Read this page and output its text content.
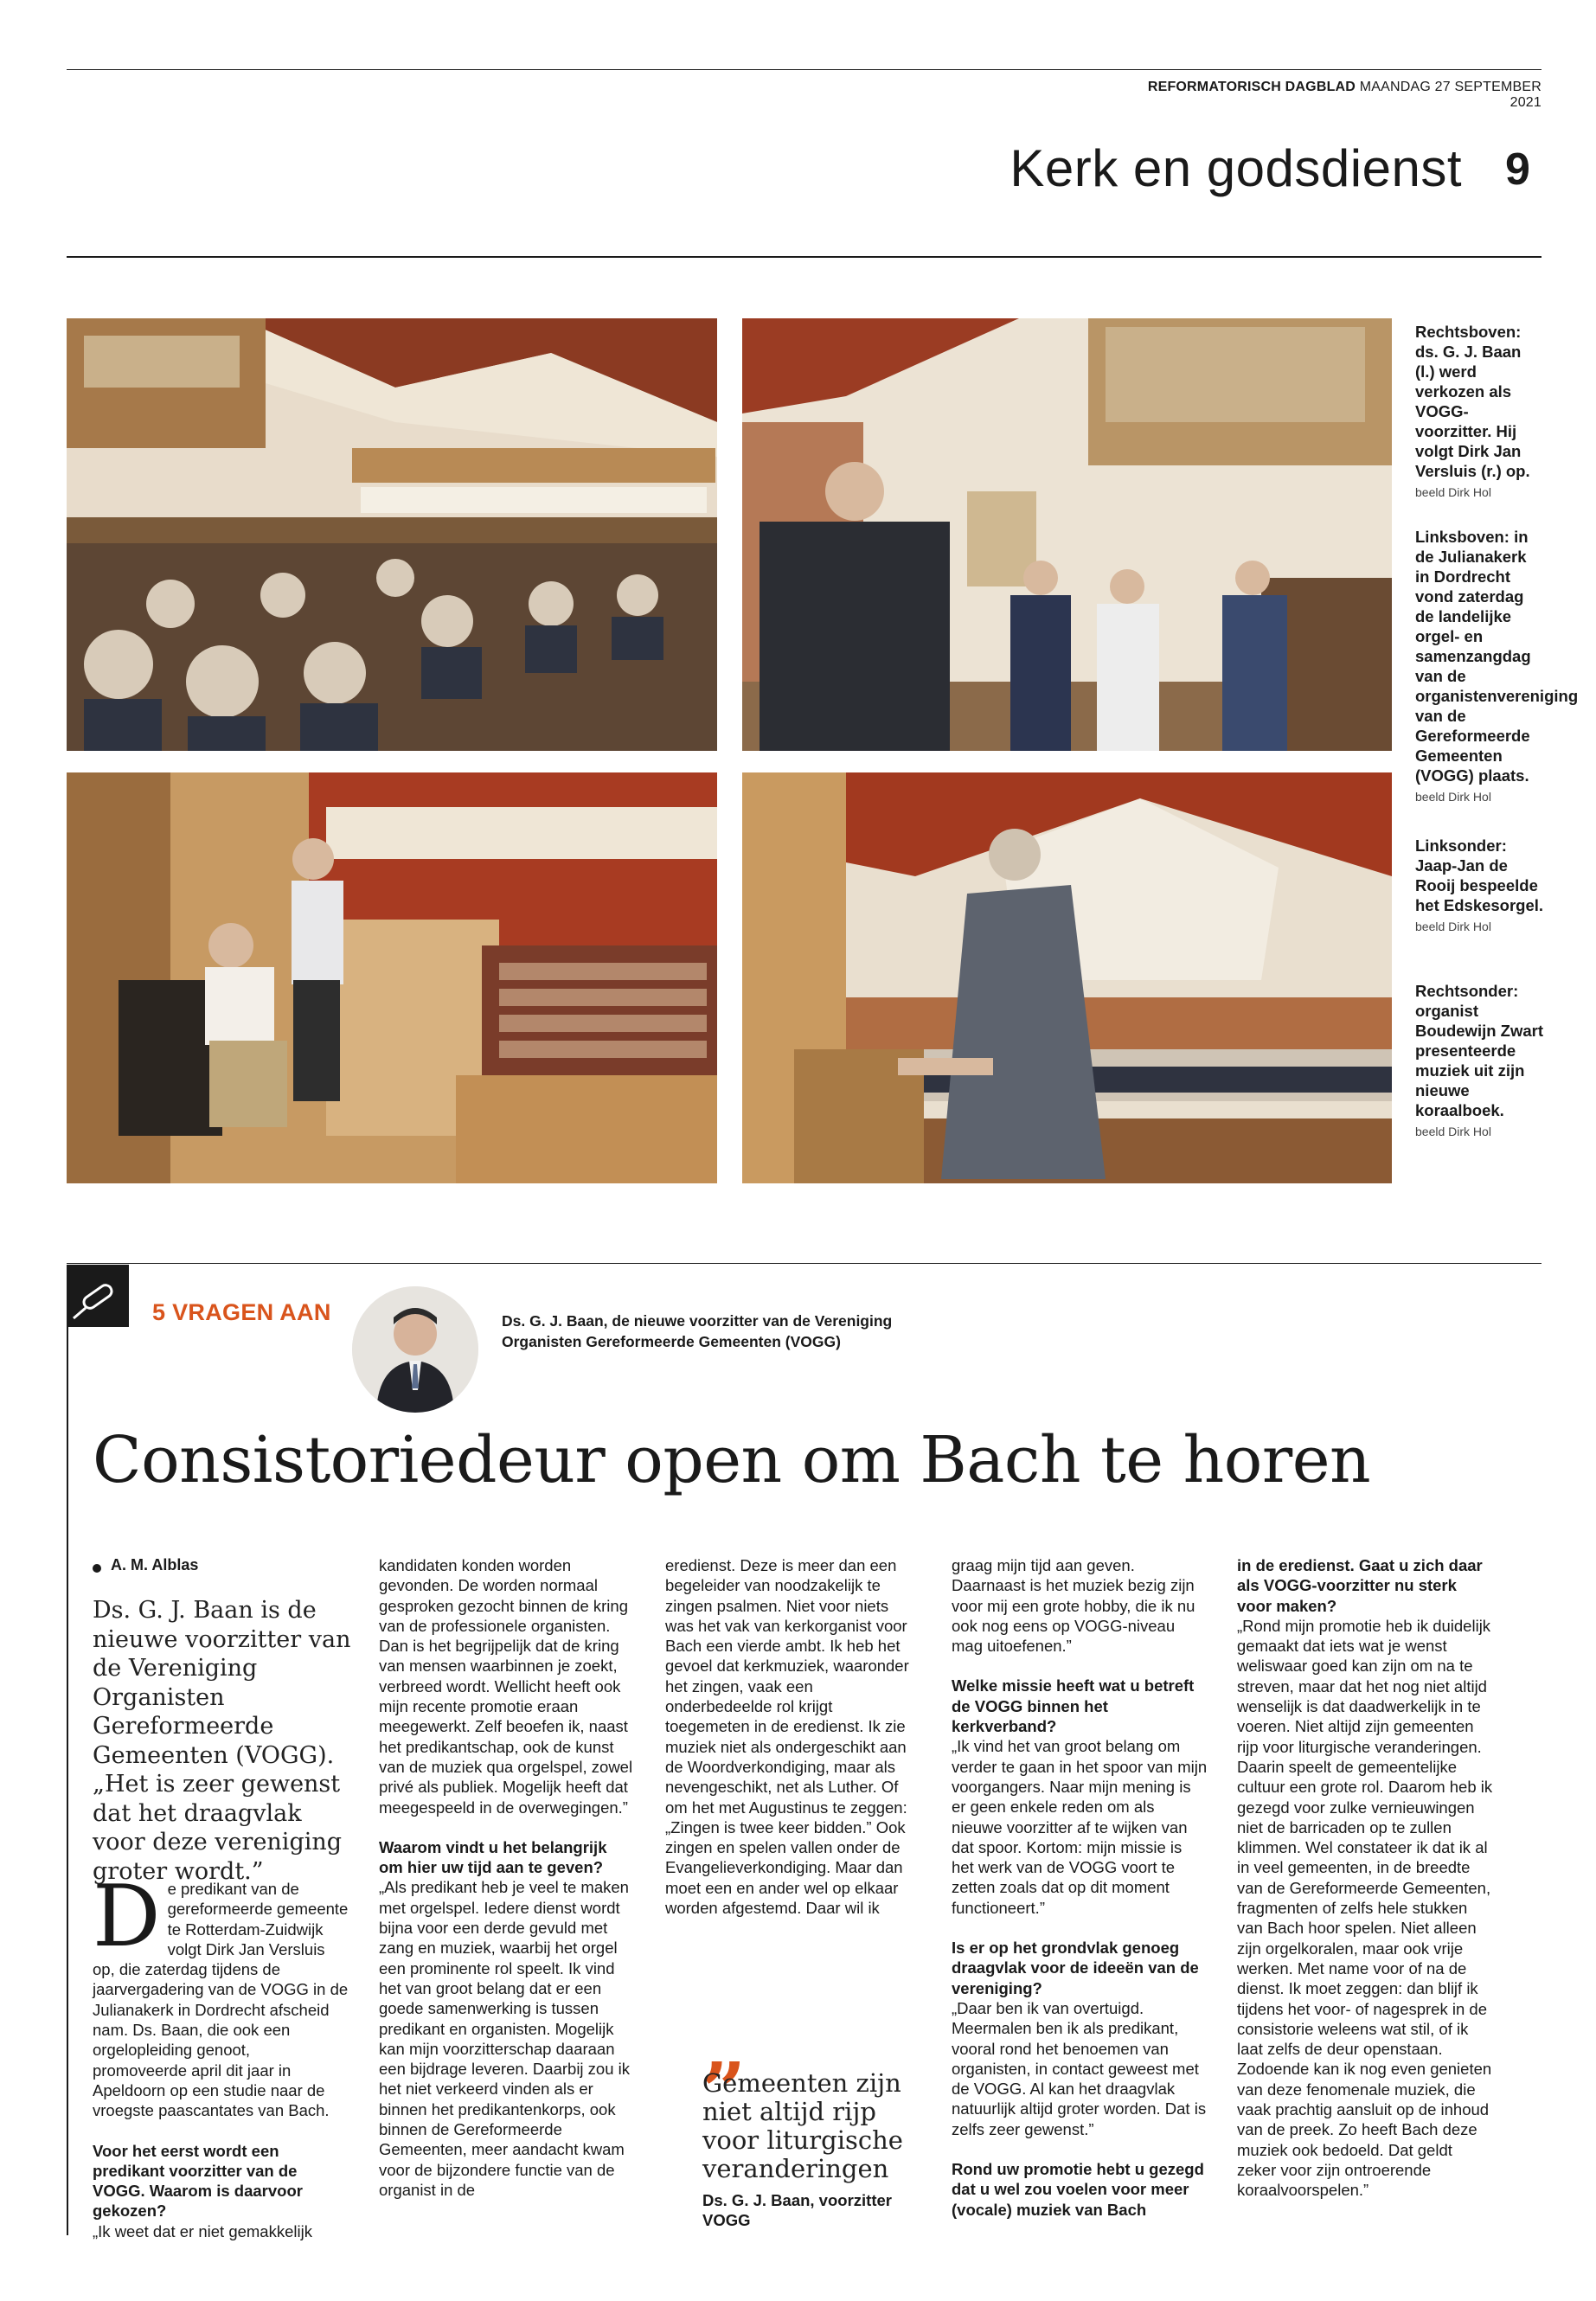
REFORMATORISCH DAGBLAD MAANDAG 27 SEPTEMBER 2021
Kerk en godsdienst 9
Rechtsboven: ds. G. J. Baan (l.) werd verkozen als VOGG-voorzitter. Hij volgt Dirk Jan Versluis (r.) op.
beeld Dirk Hol
Linksboven: in de Julianakerk in Dordrecht vond zaterdag de landelijke orgel- en samenzangdag van de organistenvereniging van de Gereformeerde Gemeenten (VOGG) plaats.
beeld Dirk Hol
Linksonder: Jaap-Jan de Rooij bespeelde het Edskesorgel.
beeld Dirk Hol
Rechtsonder: organist Boudewijn Zwart presenteerde muziek uit zijn nieuwe koraalboek.
beeld Dirk Hol
5 VRAGEN AAN	Ds. G. J. Baan, de nieuwe voorzitter van de Vereniging Organisten Gereformeerde Gemeenten (VOGG)
Consistoriedeur open om Bach te horen
A. M. Alblas
Ds. G. J. Baan is de nieuwe voorzitter van de Vereniging Organisten Gereformeerde Gemeenten (VOGG). „Het is zeer gewenst dat het draagvlak voor deze vereniging groter wordt.”

D e predikant van de gereformeerde gemeente te Rotterdam-Zuidwijk volgt Dirk Jan Versluis op, die zaterdag tijdens de jaarvergadering van de VOGG in de Julianakerk in Dordrecht afscheid nam. Ds. Baan, die ook een orgelopleiding genoot, promoveerde april dit jaar in Apeldoorn op een studie naar de vroegste paascantates van Bach.

Voor het eerst wordt een predikant voorzitter van de VOGG. Waarom is daarvoor gekozen?

„Ik weet dat er niet gemakkelijk

kandidaten konden worden gevonden. De worden normaal gesproken gezocht binnen de kring van de professionele organisten. Dan is het begrijpelijk dat de kring van mensen waarbinnen je zoekt, verbreed wordt. Wellicht heeft ook mijn recente promotie eraan meegewerkt. Zelf beoefen ik, naast het predikantschap, ook de kunst van de muziek qua orgelspel, zowel privé als publiek. Mogelijk heeft dat meegespeeld in de overwegingen.”

Waarom vindt u het belangrijk om hier uw tijd aan te geven?

„Als predikant heb je veel te maken met orgelspel. Iedere dienst wordt bijna voor een derde gevuld met zang en muziek, waarbij het orgel een prominente rol speelt. Ik vind het van groot belang dat er een goede samenwerking is tussen predikant en organisten. Mogelijk kan mijn voorzitterschap daaraan een bijdrage leveren. Daarbij zou ik het niet verkeerd vinden als er binnen het predikantenkorps, ook binnen de Gereformeerde Gemeenten, meer aandacht kwam voor de bijzondere functie van de organist in de

eredienst. Deze is meer dan een begeleider van noodzakelijk te zingen psalmen. Niet voor niets was het vak van kerkorganist voor Bach een vierde ambt. Ik heb het gevoel dat kerkmuziek, waaronder het zingen, vaak een onderbedeelde rol krijgt toegemeten in de eredienst. Ik zie muziek niet als ondergeschikt aan de Woordverkondiging, maar als nevengeschikt, net als Luther. Of om het met Augustinus te zeggen: „Zingen is twee keer bidden.” Ook zingen en spelen vallen onder de Evangelieverkondiging. Maar dan moet een en ander wel op elkaar worden afgestemd. Daar wil ik

„
Gemeenten zijn niet altijd rijp voor liturgische veranderingen
Ds. G. J. Baan, voorzitter VOGG

graag mijn tijd aan geven. Daarnaast is het muziek bezig zijn voor mij een grote hobby, die ik nu ook nog eens op VOGG-niveau mag uitoefenen.”

Welke missie heeft wat u betreft de VOGG binnen het kerkverband?

„Ik vind het van groot belang om verder te gaan in het spoor van mijn voorgangers. Naar mijn mening is er geen enkele reden om als nieuwe voorzitter af te wijken van dat spoor. Kortom: mijn missie is het werk van de VOGG voort te zetten zoals dat op dit moment functioneert.”

Is er op het grondvlak genoeg draagvlak voor de ideeën van de vereniging?

„Daar ben ik van overtuigd. Meermalen ben ik als predikant, vooral rond het benoemen van organisten, in contact geweest met de VOGG. Al kan het draagvlak natuurlijk altijd groter worden. Dat is zelfs zeer gewenst.”

Rond uw promotie hebt u gezegd dat u wel zou voelen voor meer (vocale) muziek van Bach

in de eredienst. Gaat u zich daar als VOGG-voorzitter nu sterk voor maken?

„Rond mijn promotie heb ik duidelijk gemaakt dat iets wat je wenst weliswaar goed kan zijn om na te streven, maar dat het nog niet altijd wenselijk is dat daadwerkelijk in te voeren. Niet altijd zijn gemeenten rijp voor liturgische veranderingen. Daarin speelt de gemeentelijke cultuur een grote rol. Daarom heb ik gezegd voor zulke vernieuwingen niet de barricaden op te zullen klimmen. Wel constateer ik dat ik al in veel gemeenten, in de breedte van de Gereformeerde Gemeenten, fragmenten of zelfs hele stukken van Bach hoor spelen. Niet alleen zijn orgelkoralen, maar ook vrije werken. Met name voor of na de dienst. Ik moet zeggen: dan blijf ik tijdens het voor- of nagesprek in de consistorie weleens wat stil, of ik laat zelfs de deur openstaan. Zodoende kan ik nog even genieten van deze fenomenale muziek, die vaak prachtig aansluit op de inhoud van de preek. Zo heeft Bach deze muziek ook bedoeld. Dat geldt zeker voor zijn ontroerende koraalvoorspelen.”
